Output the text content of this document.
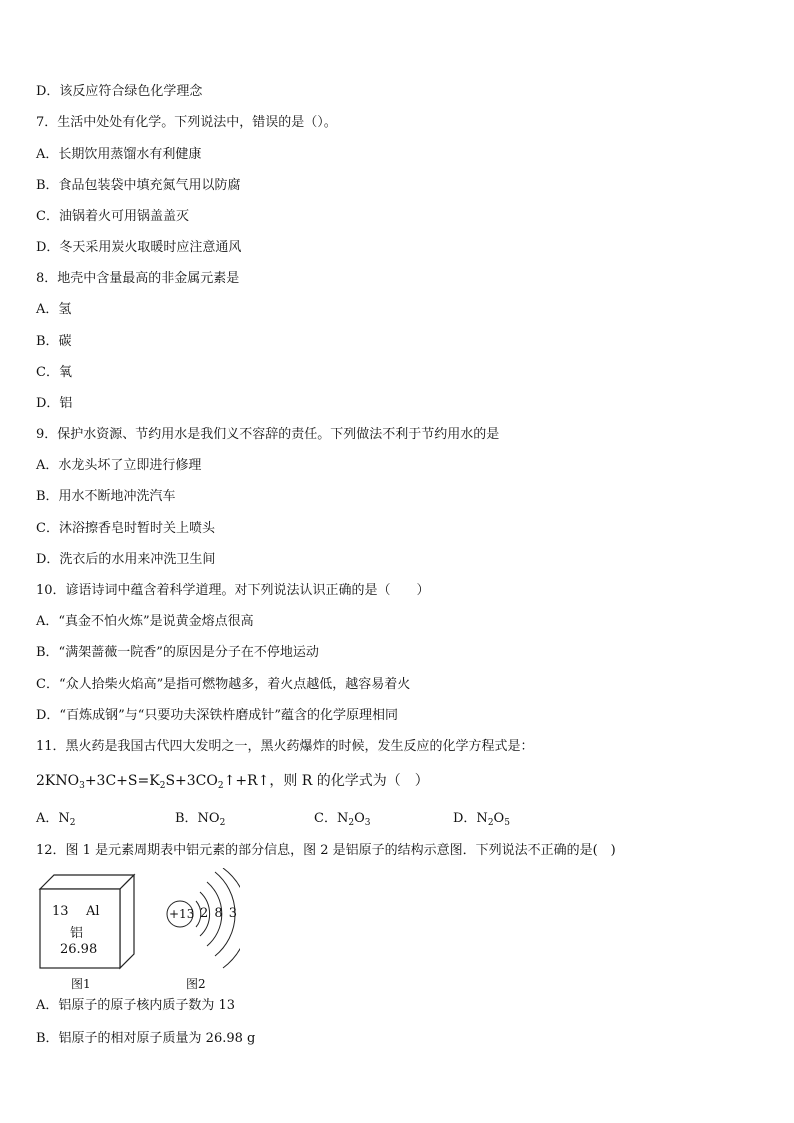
D．该反应符合绿色化学理念
7．生活中处处有化学。下列说法中，错误的是（）。
A．长期饮用蒸馏水有利健康
B．食品包装袋中填充氮气用以防腐
C．油锅着火可用锅盖盖灭
D．冬天采用炭火取暖时应注意通风
8．地壳中含量最高的非金属元素是
A．氢
B．碳
C．氧
D．铝
9．保护水资源、节约用水是我们义不容辞的责任。下列做法不利于节约用水的是
A．水龙头坏了立即进行修理
B．用水不断地冲洗汽车
C．沐浴擦香皂时暂时关上喷头
D．洗衣后的水用来冲洗卫生间
10．谚语诗词中蕴含着科学道理。对下列说法认识正确的是（　　）
A．“真金不怕火炼”是说黄金熔点很高
B．“满架蔷薇一院香”的原因是分子在不停地运动
C．“众人拾柴火焰高”是指可燃物越多，着火点越低，越容易着火
D．“百炼成钢”与“只要功夫深铁杵磨成针”蕴含的化学原理相同
11．黑火药是我国古代四大发明之一，黑火药爆炸的时候，发生反应的化学方程式是：
$2KNO_3+3C+S=K_2S+3CO_2↑+R↑$，则 R 的化学式为（　）
A．$N_2$	B．$NO_2$	C．$N_2O_3$	D．$N_2O_5$
12．图 1 是元素周期表中铝元素的部分信息，图 2 是铝原子的结构示意图．下列说法不正确的是(　)
13 Al
铝
26.98
图1
+13 2 8 3
图2
A．铝原子的原子核内质子数为 13
B．铝原子的相对原子质量为 26.98 g
